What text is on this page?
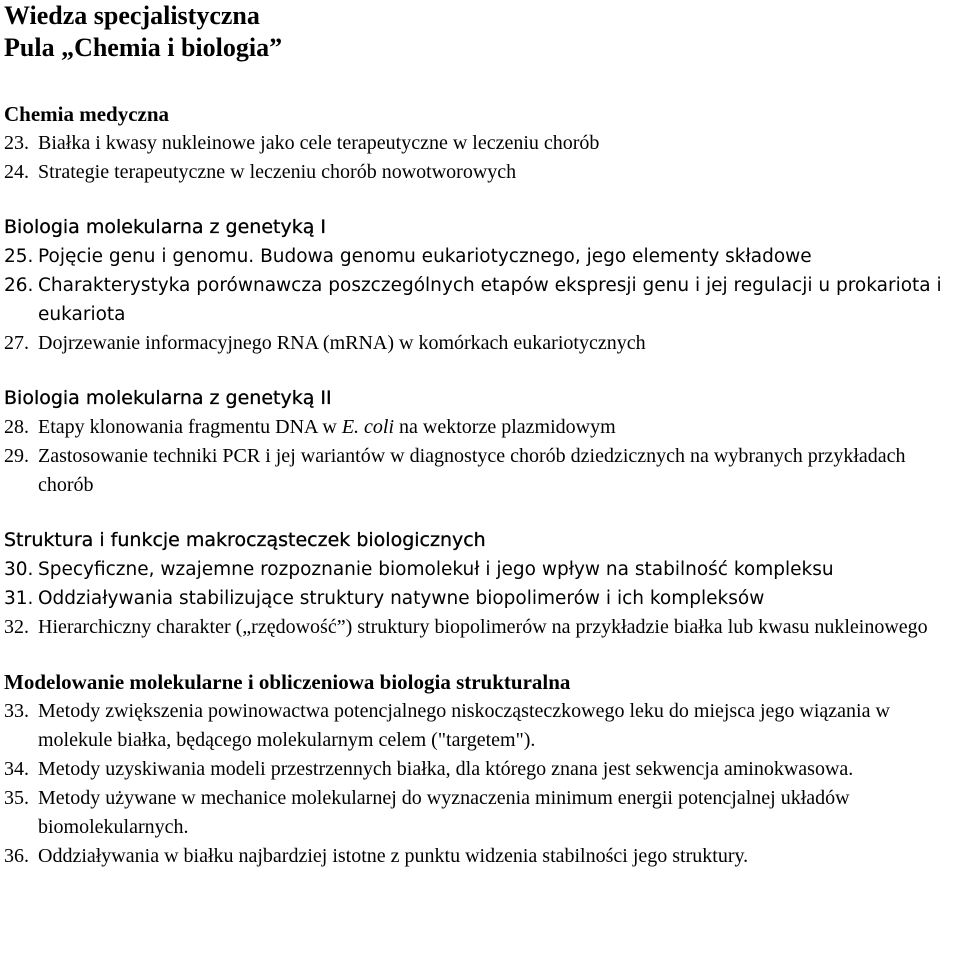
Wiedza specjalistyczna
Pula „Chemia i biologia”
Chemia medyczna
23. Białka i kwasy nukleinowe jako cele terapeutyczne w leczeniu chorób
24. Strategie terapeutyczne w leczeniu chorób nowotworowych
Biologia molekularna z genetyką I
25. Pojęcie genu i genomu. Budowa genomu eukariotycznego, jego elementy składowe
26. Charakterystyka porównawcza poszczególnych etapów ekspresji genu i jej regulacji u prokariota i eukariota
27. Dojrzewanie informacyjnego RNA (mRNA) w komórkach eukariotycznych
Biologia molekularna z genetyką II
28. Etapy klonowania fragmentu DNA w E. coli na wektorze plazmidowym
29. Zastosowanie techniki PCR i jej wariantów w diagnostyce chorób dziedzicznych na wybranych przykładach chorób
Struktura i funkcje makrocząsteczek biologicznych
30. Specyficzne, wzajemne rozpoznanie biomolekuł i jego wpływ na stabilność kompleksu
31. Oddziaływania stabilizujące struktury natywne biopolimerów i ich kompleksów
32. Hierarchiczny charakter („rzędowość”) struktury biopolimerów na przykładzie białka lub kwasu nukleinowego
Modelowanie molekularne i obliczeniowa biologia strukturalna
33. Metody zwiększenia powinowactwa potencjalnego niskocząsteczkowego leku do miejsca jego wiązania w molekule białka, będącego molekularnym celem ("targetem").
34. Metody uzyskiwania modeli przestrzennych białka, dla którego znana jest sekwencja aminokwasowa.
35. Metody używane w mechanice molekularnej do wyznaczenia minimum energii potencjalnej układów biomolekularnych.
36. Oddziaływania w białku najbardziej istotne z punktu widzenia stabilności jego struktury.
